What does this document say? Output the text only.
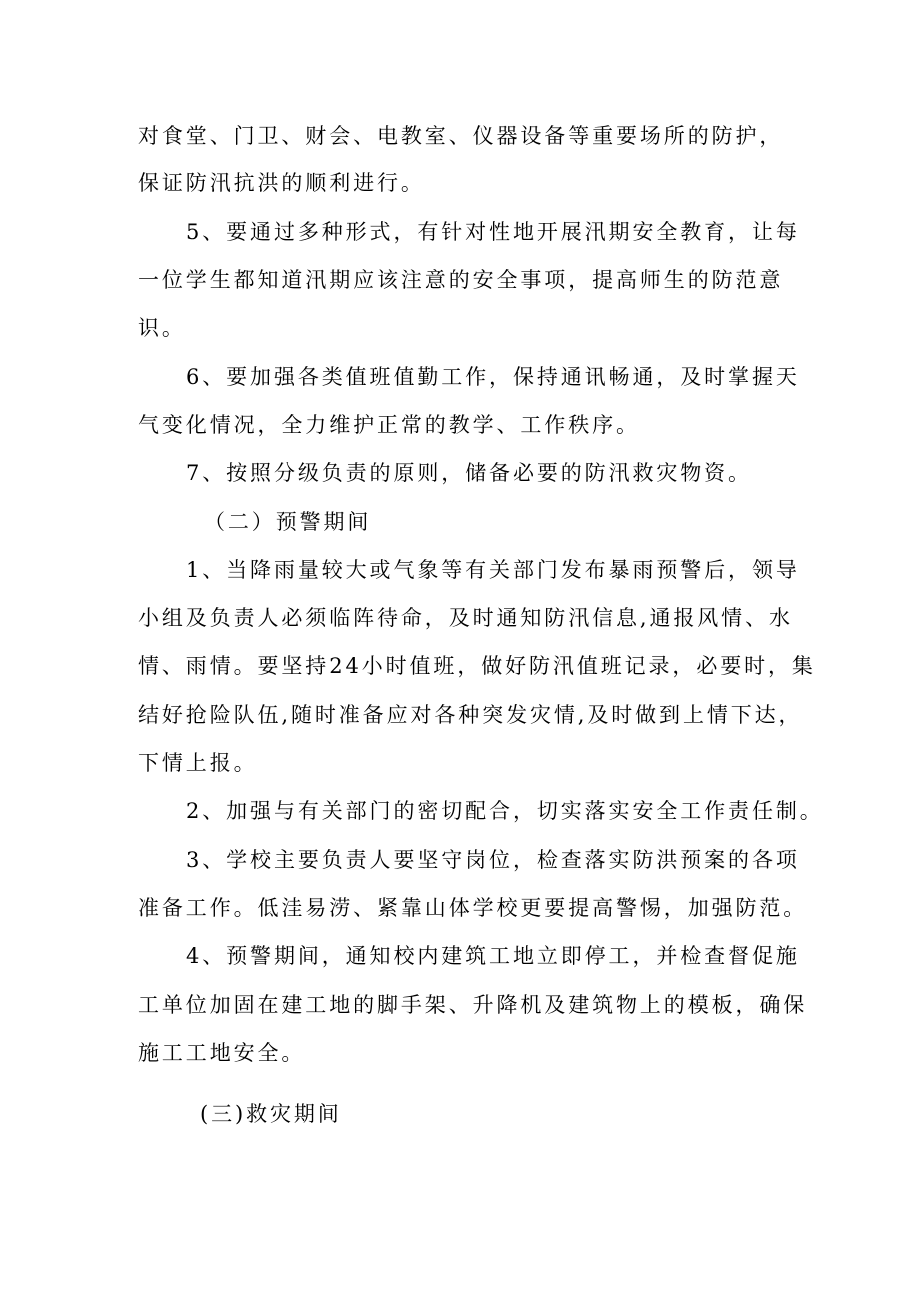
对食堂、门卫、财会、电教室、仪器设备等重要场所的防护，
保证防汛抗洪的顺利进行。
5、要通过多种形式，有针对性地开展汛期安全教育，让每
一位学生都知道汛期应该注意的安全事项，提高师生的防范意
识。
6、要加强各类值班值勤工作，保持通讯畅通，及时掌握天
气变化情况，全力维护正常的教学、工作秩序。
7、按照分级负责的原则，储备必要的防汛救灾物资。
（二）预警期间
1、当降雨量较大或气象等有关部门发布暴雨预警后，领导
小组及负责人必须临阵待命，及时通知防汛信息,通报风情、水
情、雨情。要坚持24小时值班，做好防汛值班记录，必要时，集
结好抢险队伍,随时准备应对各种突发灾情,及时做到上情下达，
下情上报。
2、加强与有关部门的密切配合，切实落实安全工作责任制。
3、学校主要负责人要坚守岗位，检查落实防洪预案的各项
准备工作。低洼易涝、紧靠山体学校更要提高警惕，加强防范。
4、预警期间，通知校内建筑工地立即停工，并检查督促施
工单位加固在建工地的脚手架、升降机及建筑物上的模板，确保
施工工地安全。
(三)救灾期间
